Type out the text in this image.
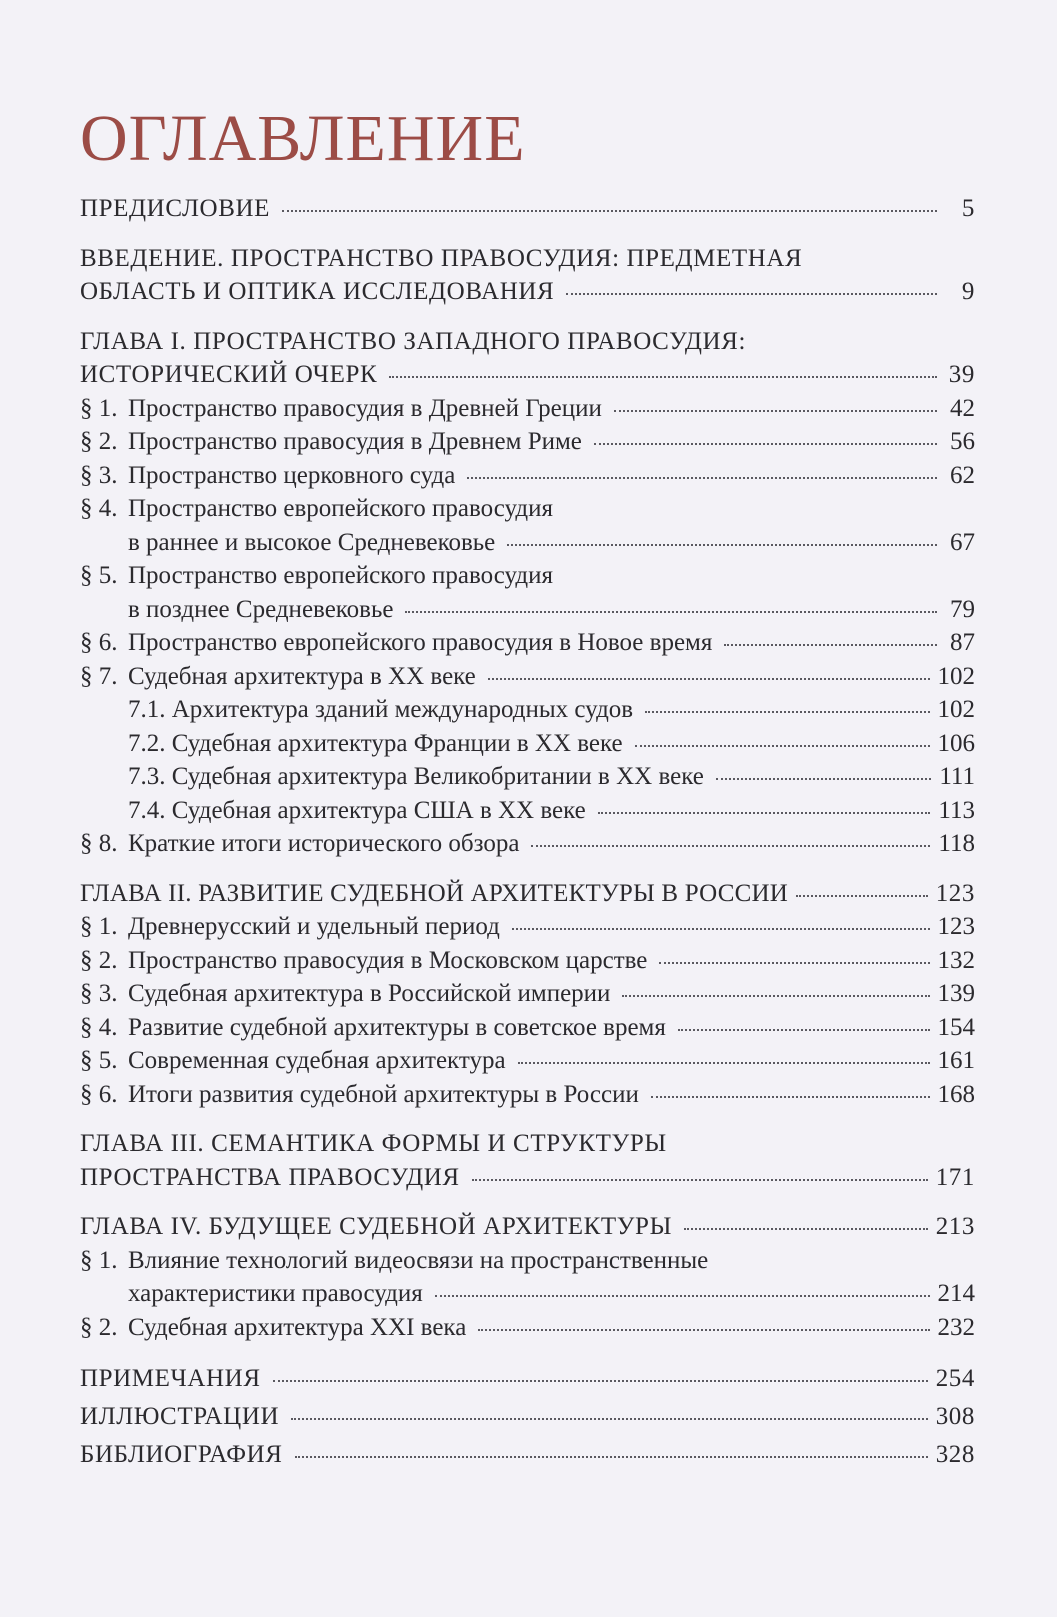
ОГЛАВЛЕНИЕ
ПРЕДИСЛОВИЕ	5
ВВЕДЕНИЕ. ПРОСТРАНСТВО ПРАВОСУДИЯ: ПРЕДМЕТНАЯ
ОБЛАСТЬ И ОПТИКА ИССЛЕДОВАНИЯ	9
ГЛАВА I. ПРОСТРАНСТВО ЗАПАДНОГО ПРАВОСУДИЯ:
ИСТОРИЧЕСКИЙ ОЧЕРК	39
§ 1. Пространство правосудия в Древней Греции	42
§ 2. Пространство правосудия в Древнем Риме	56
§ 3. Пространство церковного суда	62
§ 4. Пространство европейского правосудия
в раннее и высокое Средневековье	67
§ 5. Пространство европейского правосудия
в позднее Средневековье	79
§ 6. Пространство европейского правосудия в Новое время	87
§ 7. Судебная архитектура в XX веке	102
7.1. Архитектура зданий международных судов	102
7.2. Судебная архитектура Франции в XX веке	106
7.3. Судебная архитектура Великобритании в XX веке	111
7.4. Судебная архитектура США в XX веке	113
§ 8. Краткие итоги исторического обзора	118
ГЛАВА II. РАЗВИТИЕ СУДЕБНОЙ АРХИТЕКТУРЫ В РОССИИ	123
§ 1. Древнерусский и удельный период	123
§ 2. Пространство правосудия в Московском царстве	132
§ 3. Судебная архитектура в Российской империи	139
§ 4. Развитие судебной архитектуры в советское время	154
§ 5. Современная судебная архитектура	161
§ 6. Итоги развития судебной архитектуры в России	168
ГЛАВА III. СЕМАНТИКА ФОРМЫ И СТРУКТУРЫ
ПРОСТРАНСТВА ПРАВОСУДИЯ	171
ГЛАВА IV. БУДУЩЕЕ СУДЕБНОЙ АРХИТЕКТУРЫ	213
§ 1. Влияние технологий видеосвязи на пространственные
характеристики правосудия	214
§ 2. Судебная архитектура XXI века	232
ПРИМЕЧАНИЯ	254
ИЛЛЮСТРАЦИИ	308
БИБЛИОГРАФИЯ	328
